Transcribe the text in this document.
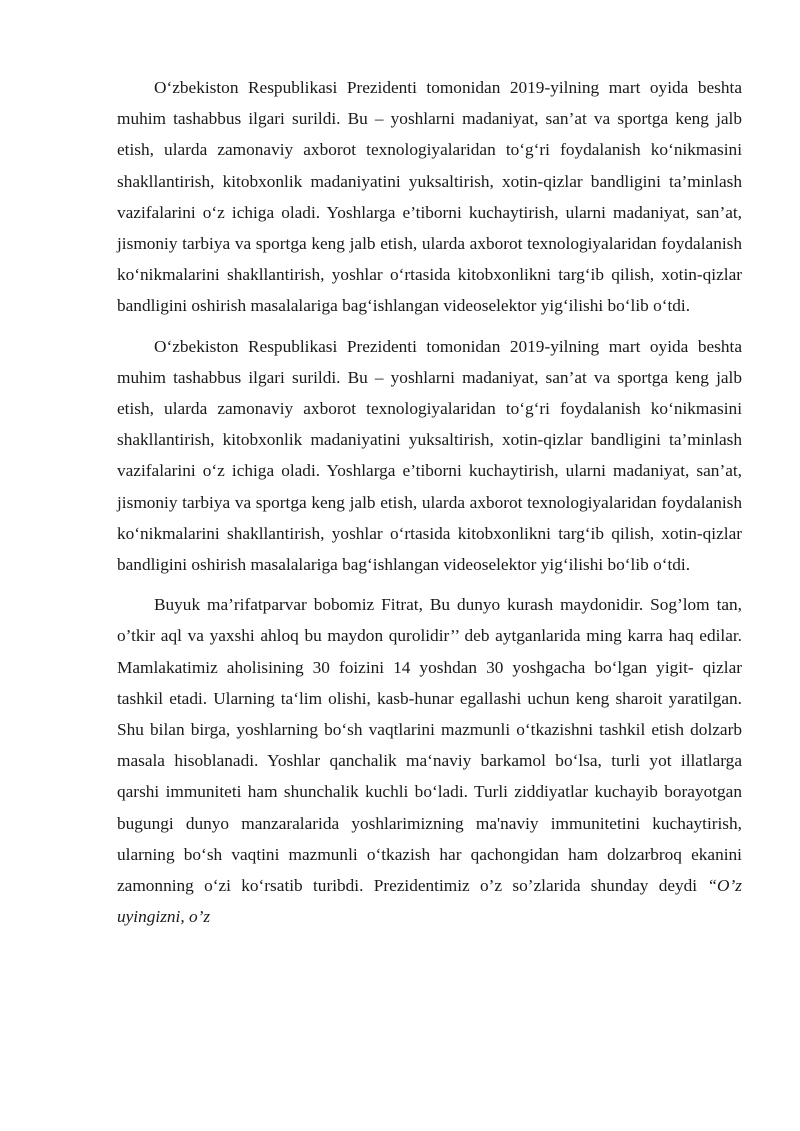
O‘zbekiston Respublikasi Prezidenti tomonidan 2019-yilning mart oyida beshta muhim tashabbus ilgari surildi. Bu – yoshlarni madaniyat, san’at va sportga keng jalb etish, ularda zamonaviy axborot texnologiyalaridan to‘g‘ri foydalanish ko‘nikmasini shakllantirish, kitobxonlik madaniyatini yuksaltirish, xotin-qizlar bandligini ta’minlash vazifalarini o‘z ichiga oladi. Yoshlarga e’tiborni kuchaytirish, ularni madaniyat, san’at, jismoniy tarbiya va sportga keng jalb etish, ularda axborot texnologiyalaridan foydalanish ko‘nikmalarini shakllantirish, yoshlar o‘rtasida kitobxonlikni targ‘ib qilish, xotin-qizlar bandligini oshirish masalalariga bag‘ishlangan videoselektor yig‘ilishi bo‘lib o‘tdi.

O‘zbekiston Respublikasi Prezidenti tomonidan 2019-yilning mart oyida beshta muhim tashabbus ilgari surildi. Bu – yoshlarni madaniyat, san’at va sportga keng jalb etish, ularda zamonaviy axborot texnologiyalaridan to‘g‘ri foydalanish ko‘nikmasini shakllantirish, kitobxonlik madaniyatini yuksaltirish, xotin-qizlar bandligini ta’minlash vazifalarini o‘z ichiga oladi. Yoshlarga e’tiborni kuchaytirish, ularni madaniyat, san’at, jismoniy tarbiya va sportga keng jalb etish, ularda axborot texnologiyalaridan foydalanish ko‘nikmalarini shakllantirish, yoshlar o‘rtasida kitobxonlikni targ‘ib qilish, xotin-qizlar bandligini oshirish masalalariga bag‘ishlangan videoselektor yig‘ilishi bo‘lib o‘tdi.

Buyuk ma’rifatparvar bobomiz Fitrat, Bu dunyo kurash maydonidir. Sog’lom tan, o’tkir aql va yaxshi ahloq bu maydon qurolidir’’ deb aytganlarida ming karra haq edilar. Mamlakatimiz aholisining 30 foizini 14 yoshdan 30 yoshgacha bo‘lgan yigit- qizlar tashkil etadi. Ularning ta‘lim olishi, kasb-hunar egallashi uchun keng sharoit yaratilgan. Shu bilan birga, yoshlarning bo‘sh vaqtlarini mazmunli o‘tkazishni tashkil etish dolzarb masala hisoblanadi. Yoshlar qanchalik ma‘naviy barkamol bo‘lsa, turli yot illatlarga qarshi immuniteti ham shunchalik kuchli bo‘ladi. Turli ziddiyatlar kuchayib borayotgan bugungi dunyo manzaralarida yoshlarimizning ma'naviy immunitetini kuchaytirish, ularning bo‘sh vaqtini mazmunli o‘tkazish har qachongidan ham dolzarbroq ekanini zamonning o‘zi ko‘rsatib turibdi. Prezidentimiz o’z so’zlarida shunday deydi “O’z uyingizni, o’z
